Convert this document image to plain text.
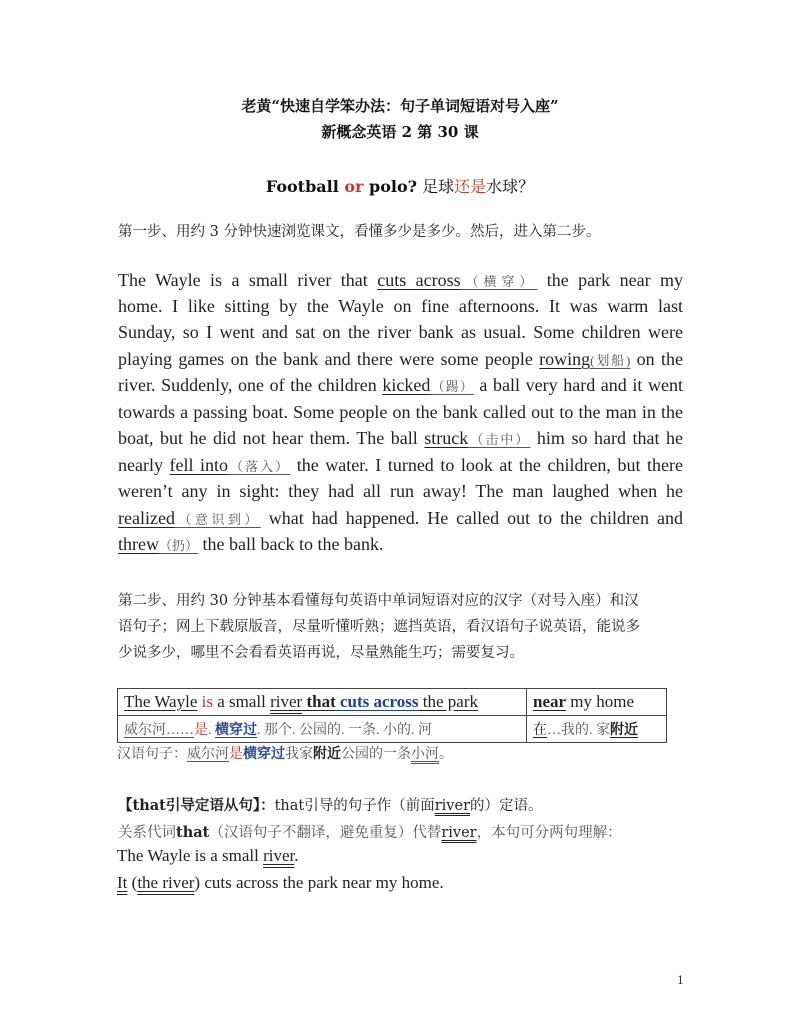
老黄“快速自学笨办法：句子单词短语对号入座”
新概念英语 2 第 30 课
Football or polo? 足球还是水球？
第一步、用约 3 分钟快速浏览课文，看懂多少是多少。然后，进入第二步。
The Wayle is a small river that cuts across（横穿） the park near my
home. I like sitting by the Wayle on fine afternoons. It was warm last
Sunday, so I went and sat on the river bank as usual. Some children were
playing games on the bank and there were some people rowing(划船) on the
river. Suddenly, one of the children kicked（踢） a ball very hard and it went
towards a passing boat. Some people on the bank called out to the man in the
boat, but he did not hear them. The ball struck（击中） him so hard that he
nearly fell into（落入） the water. I turned to look at the children, but there
weren’t any in sight: they had all run away! The man laughed when he
realized（意识到） what had happened. He called out to the children and
threw（扔） the ball back to the bank.
第二步、用约 30 分钟基本看懂每句英语中单词短语对应的汉字（对号入座）和汉
语句子；网上下载原版音，尽量听懂听熟；遮挡英语，看汉语句子说英语，能说多
少说多少，哪里不会看看英语再说，尽量熟能生巧；需要复习。
The Wayle is a small river that cuts across the park	near my home
威尔河……是. 横穿过. 那个. 公园的. 一条. 小的. 河	在…我的. 家附近
汉语句子：威尔河是横穿过我家附近公园的一条小河。
【that引导定语从句】：that引导的句子作（前面river的）定语。
关系代词that（汉语句子不翻译，避免重复）代替river，本句可分两句理解：
The Wayle is a small river.
It (the river) cuts across the park near my home.
1
